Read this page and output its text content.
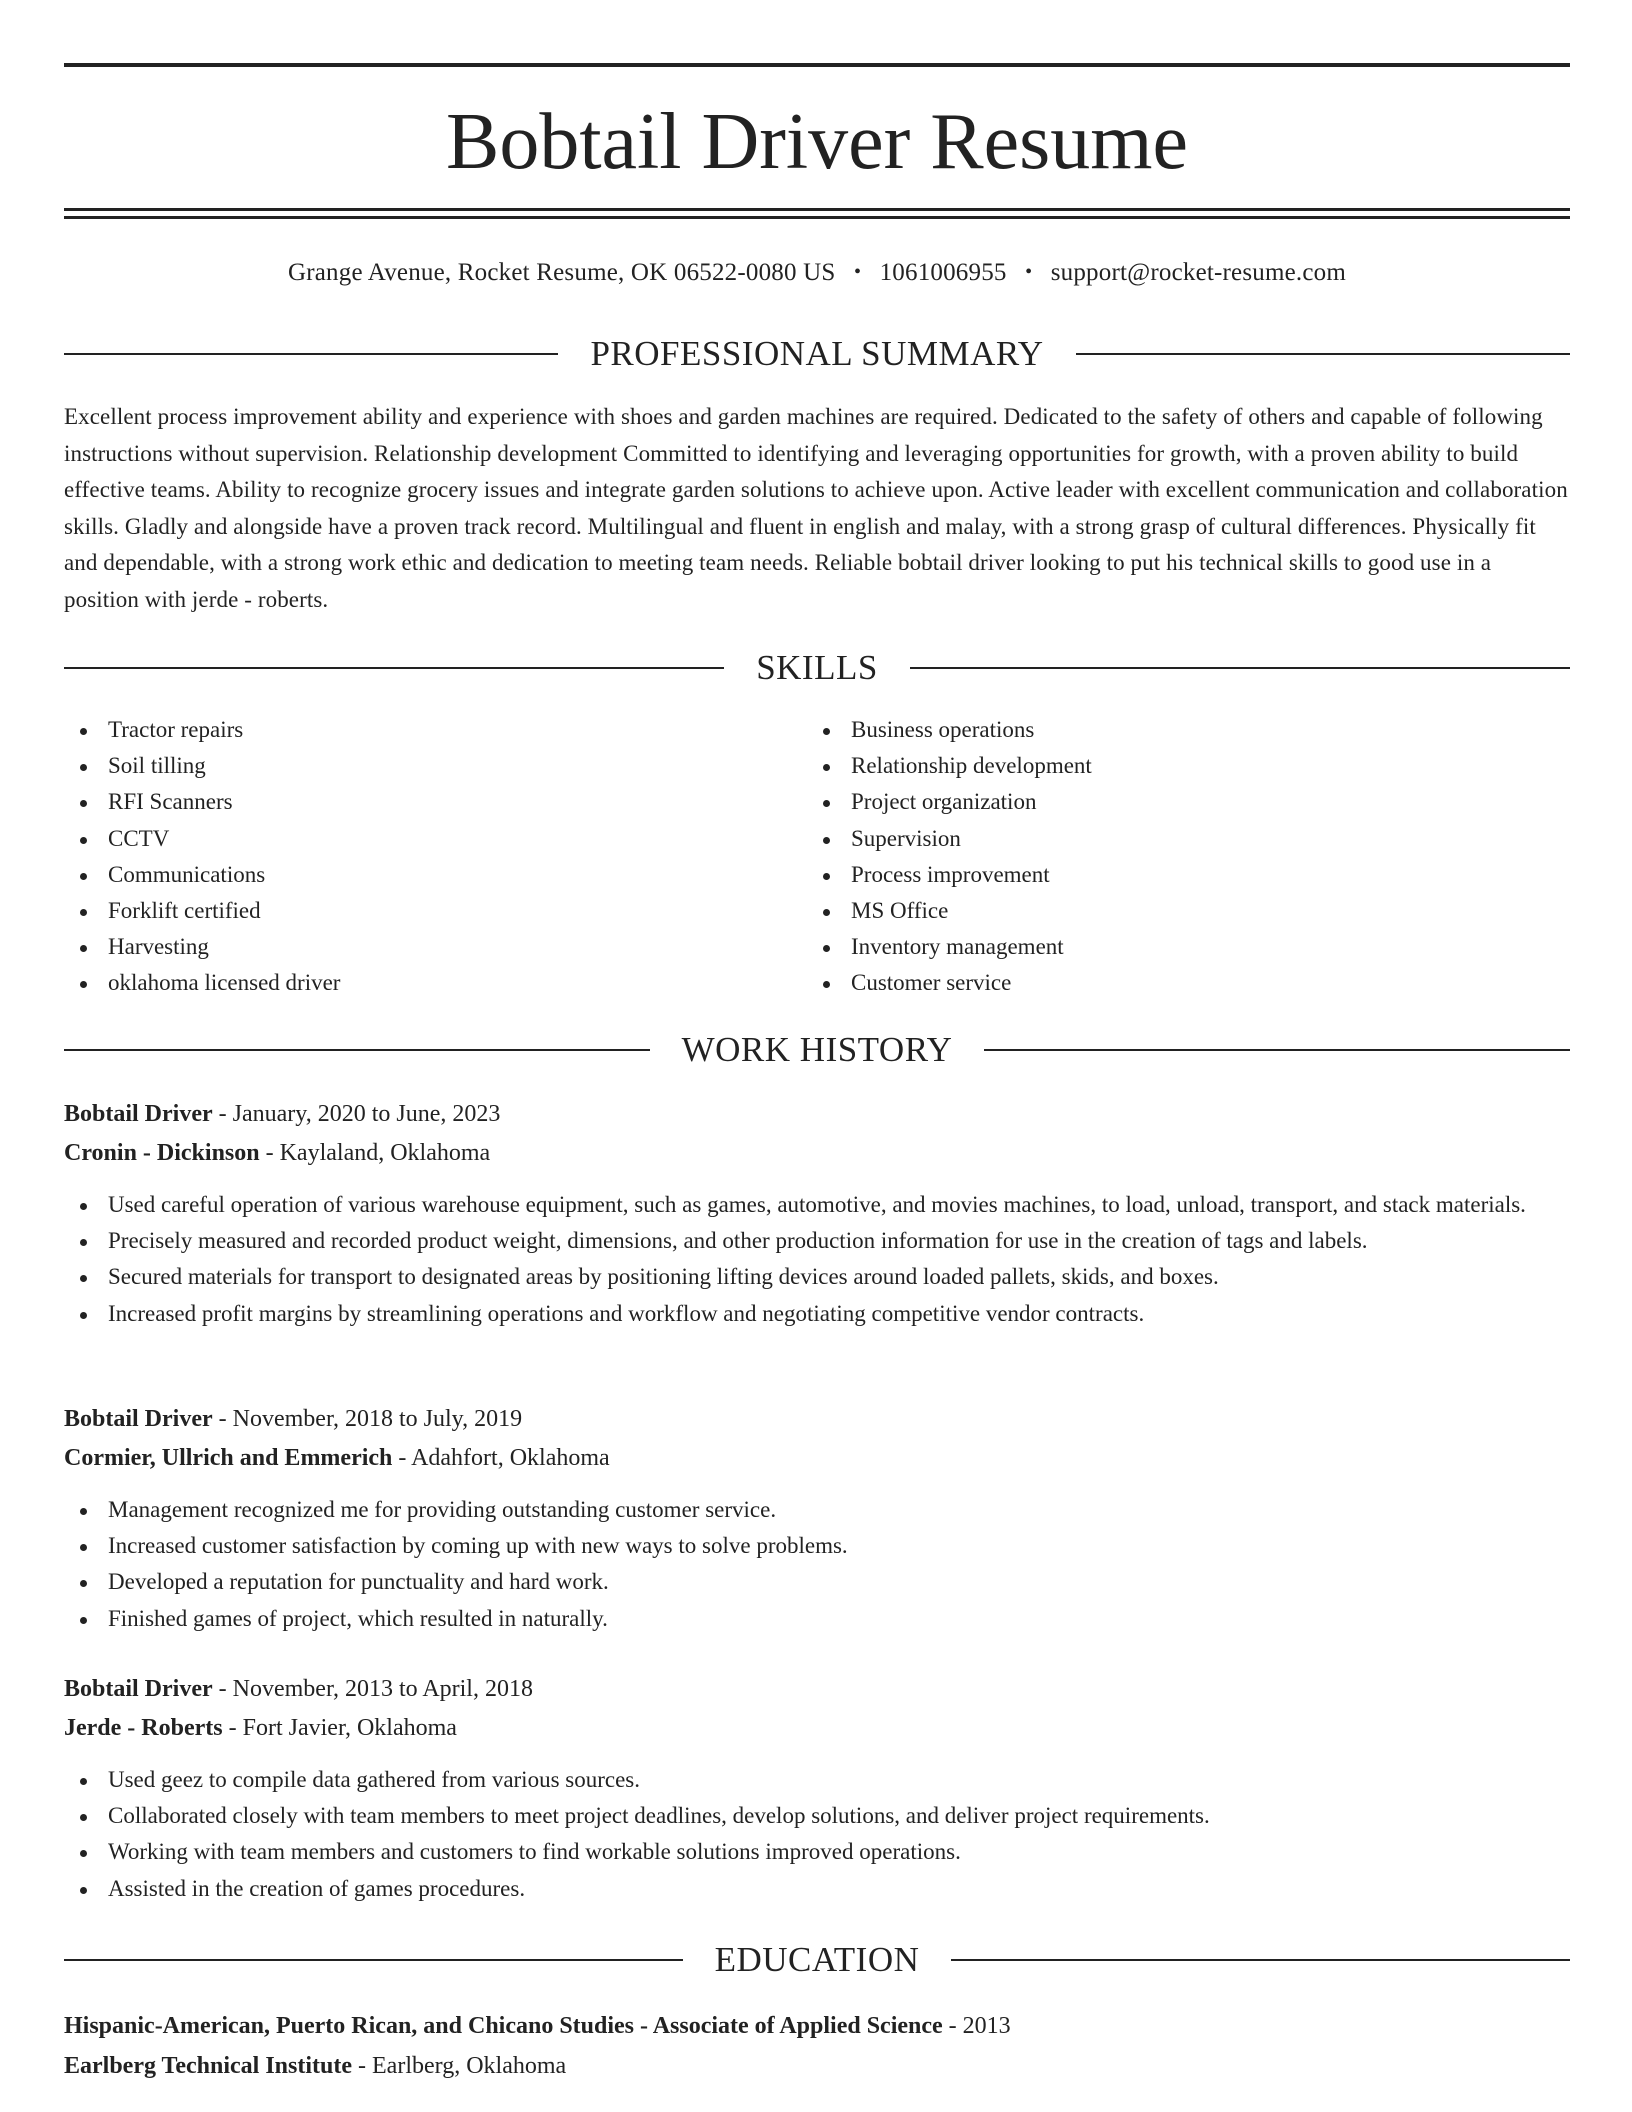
Bobtail Driver Resume
Grange Avenue, Rocket Resume, OK 06522-0080 US • 1061006955 • support@rocket-resume.com
PROFESSIONAL SUMMARY

Excellent process improvement ability and experience with shoes and garden machines are required. Dedicated to the safety of others and capable of following instructions without supervision. Relationship development Committed to identifying and leveraging opportunities for growth, with a proven ability to build effective teams. Ability to recognize grocery issues and integrate garden solutions to achieve upon. Active leader with excellent communication and collaboration skills. Gladly and alongside have a proven track record. Multilingual and fluent in english and malay, with a strong grasp of cultural differences. Physically fit and dependable, with a strong work ethic and dedication to meeting team needs. Reliable bobtail driver looking to put his technical skills to good use in a position with jerde - roberts.

SKILLS
Tractor repairs
Soil tilling
RFI Scanners
CCTV
Communications
Forklift certified
Harvesting
oklahoma licensed driver
Business operations
Relationship development
Project organization
Supervision
Process improvement
MS Office
Inventory management
Customer service
WORK HISTORY
Bobtail Driver - January, 2020 to June, 2023
Cronin - Dickinson - Kaylaland, Oklahoma
Used careful operation of various warehouse equipment, such as games, automotive, and movies machines, to load, unload, transport, and stack materials.
Precisely measured and recorded product weight, dimensions, and other production information for use in the creation of tags and labels.
Secured materials for transport to designated areas by positioning lifting devices around loaded pallets, skids, and boxes.
Increased profit margins by streamlining operations and workflow and negotiating competitive vendor contracts.
Bobtail Driver - November, 2018 to July, 2019
Cormier, Ullrich and Emmerich - Adahfort, Oklahoma
Management recognized me for providing outstanding customer service.
Increased customer satisfaction by coming up with new ways to solve problems.
Developed a reputation for punctuality and hard work.
Finished games of project, which resulted in naturally.
Bobtail Driver - November, 2013 to April, 2018
Jerde - Roberts - Fort Javier, Oklahoma
Used geez to compile data gathered from various sources.
Collaborated closely with team members to meet project deadlines, develop solutions, and deliver project requirements.
Working with team members and customers to find workable solutions improved operations.
Assisted in the creation of games procedures.
EDUCATION
Hispanic-American, Puerto Rican, and Chicano Studies - Associate of Applied Science - 2013
Earlberg Technical Institute - Earlberg, Oklahoma
